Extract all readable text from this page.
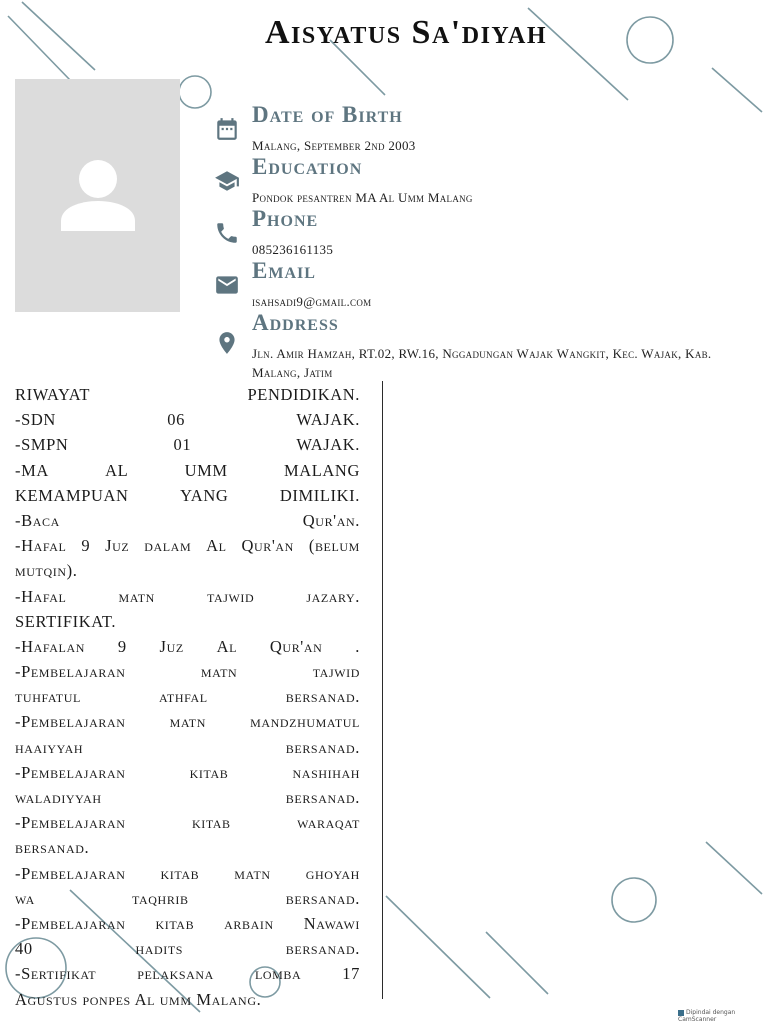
Aisyatus Sa'diyah
Date of Birth
Malang, September 2nd 2003
Education
Pondok pesantren MA Al Umm Malang
Phone
085236161135
Email
isahsadi9@gmail.com
Address
Jln. Amir Hamzah, RT.02, RW.16, Nggadungan Wajak Wangkit, Kec. Wajak, Kab. Malang, Jatim
RIWAYAT	PENDIDIKAN.
-SDN	06	WAJAK.
-SMPN	01	WAJAK.
-MA	AL	UMM	MALANG
KEMAMPUAN	YANG	DIMILIKI.
-Baca	Qur'an.
-Hafal 9 Juz dalam Al Qur'an (belum
mutqin).
-Hafal	matn	tajwid	jazary.
SERTIFIKAT.
-Hafalan 9 Juz Al Qur'an .
-Pembelajaran	matn	tajwid
tuhfatul	athfal	bersanad.
-Pembelajaran	matn	mandzhumatul
haaiyyah	bersanad.
-Pembelajaran	kitab	nashihah
waladiyyah	bersanad.
-Pembelajaran	kitab	waraqat
bersanad.
-Pembelajaran kitab matn ghoyah
wa	taqhrib	bersanad.
-Pembelajaran kitab arbain Nawawi
40	hadits	bersanad.
-Sertifikat pelaksana lomba 17
Agustus ponpes Al umm Malang.
Dipindai dengan CamScanner
